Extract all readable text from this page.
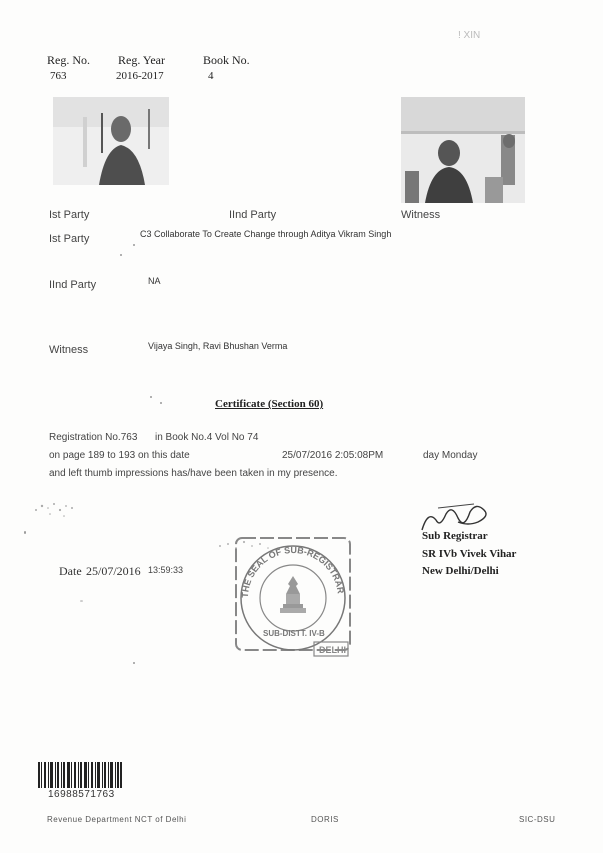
! XIN
Reg. No.
763
Reg. Year
2016-2017
Book No.
4
Ist Party	IInd Party	Witness
Ist Party	C3 Collaborate To Create Change through Aditya Vikram Singh
IInd Party	NA
Witness	Vijaya Singh, Ravi Bhushan Verma
Certificate (Section 60)
Registration No.763 in Book No.4 Vol No 74
on page 189 to 193 on this date	25/07/2016 2:05:08PM	day Monday
and left thumb impressions has/have been taken in my presence.
Sub Registrar
SR IVb Vivek Vihar
New Delhi/Delhi
Date 25/07/2016 13:59:33
THE SEAL OF SUB-REGISTRAR
SUB-DISTT. IV-B
DELHI
16988571763
Revenue Department NCT of Delhi	DORIS	SIC-DSU
